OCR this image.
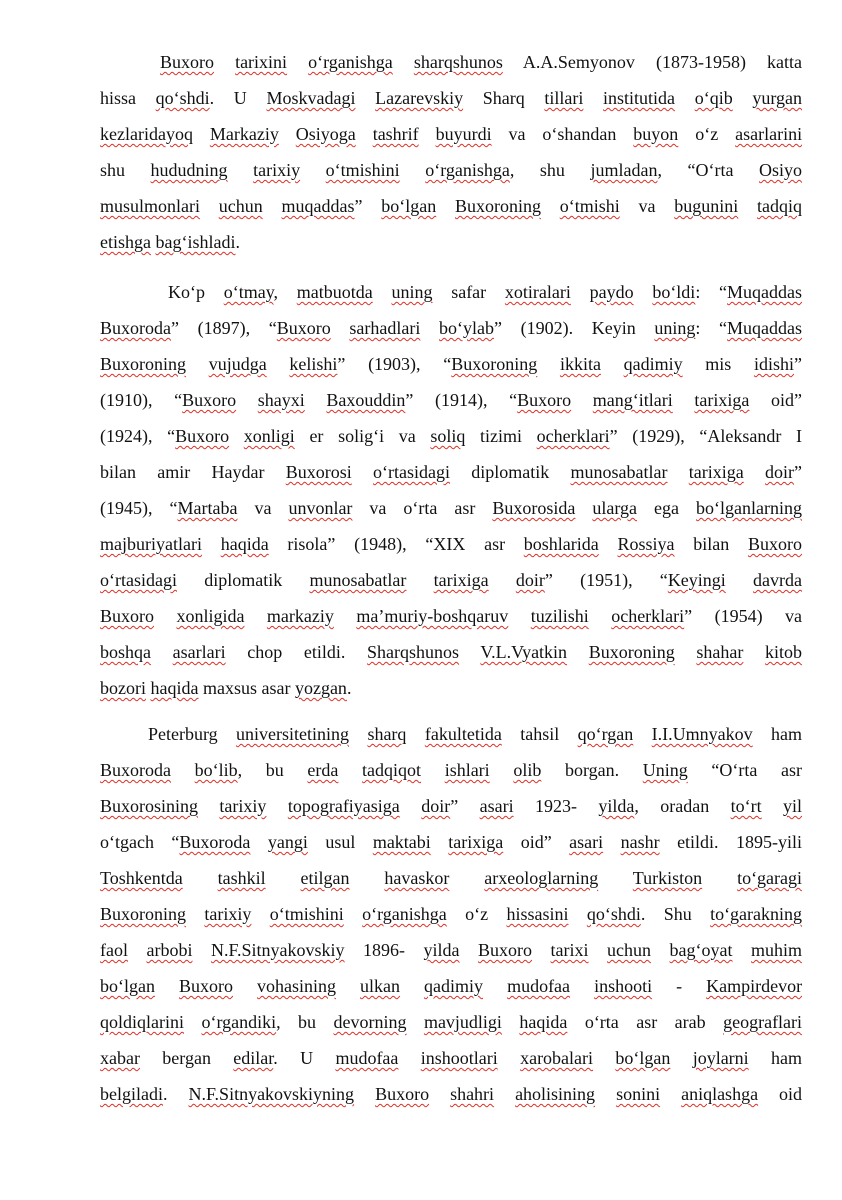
Buxoro tarixini o‘rganishga sharqshunos A.A.Semyonov (1873-1958) katta
hissa qo‘shdi. U Moskvadagi Lazarevskiy Sharq tillari institutida o‘qib yurgan
kezlaridayoq Markaziy Osiyoga tashrif buyurdi va o‘shandan buyon o‘z asarlarini
shu hududning tarixiy o‘tmishini o‘rganishga, shu jumladan, “O‘rta Osiyo
musulmonlari uchun muqaddas” bo‘lgan Buxoroning o‘tmishi va bugunini tadqiq
etishga bag‘ishladi.
Ko‘p o‘tmay, matbuotda uning safar xotiralari paydo bo‘ldi: “Muqaddas
Buxoroda” (1897), “Buxoro sarhadlari bo‘ylab” (1902). Keyin uning: “Muqaddas
Buxoroning vujudga kelishi” (1903), “Buxoroning ikkita qadimiy mis idishi”
(1910), “Buxoro shayxi Baxouddin” (1914), “Buxoro mang‘itlari tarixiga oid”
(1924), “Buxoro xonligi er solig‘i va soliq tizimi ocherklari” (1929), “Aleksandr I
bilan amir Haydar Buxorosi o‘rtasidagi diplomatik munosabatlar tarixiga doir”
(1945), “Martaba va unvonlar va o‘rta asr Buxorosida ularga ega bo‘lganlarning
majburiyatlari haqida risola” (1948), “XIX asr boshlarida Rossiya bilan Buxoro
o‘rtasidagi diplomatik munosabatlar tarixiga doir” (1951), “Keyingi davrda
Buxoro xonligida markaziy ma’muriy-boshqaruv tuzilishi ocherklari” (1954) va
boshqa asarlari chop etildi. Sharqshunos V.L.Vyatkin Buxoroning shahar kitob
bozori haqida maxsus asar yozgan.
Peterburg universitetining sharq fakultetida tahsil qo‘rgan I.I.Umnyakov ham
Buxoroda bo‘lib, bu erda tadqiqot ishlari olib borgan. Uning “O‘rta asr
Buxorosining tarixiy topografiyasiga doir” asari 1923- yilda, oradan to‘rt yil
o‘tgach “Buxoroda yangi usul maktabi tarixiga oid” asari nashr etildi. 1895-yili
Toshkentda tashkil etilgan havaskor arxeologlarning Turkiston to‘garagi
Buxoroning tarixiy o‘tmishini o‘rganishga o‘z hissasini qo‘shdi. Shu to‘garakning
faol arbobi N.F.Sitnyakovskiy 1896- yilda Buxoro tarixi uchun bag‘oyat muhim
bo‘lgan Buxoro vohasining ulkan qadimiy mudofaa inshooti - Kampirdevor
qoldiqlarini o‘rgandiki, bu devorning mavjudligi haqida o‘rta asr arab geograflari
xabar bergan edilar. U mudofaa inshootlari xarobalari bo‘lgan joylarni ham
belgiladi. N.F.Sitnyakovskiyning Buxoro shahri aholisining sonini aniqlashga oid
